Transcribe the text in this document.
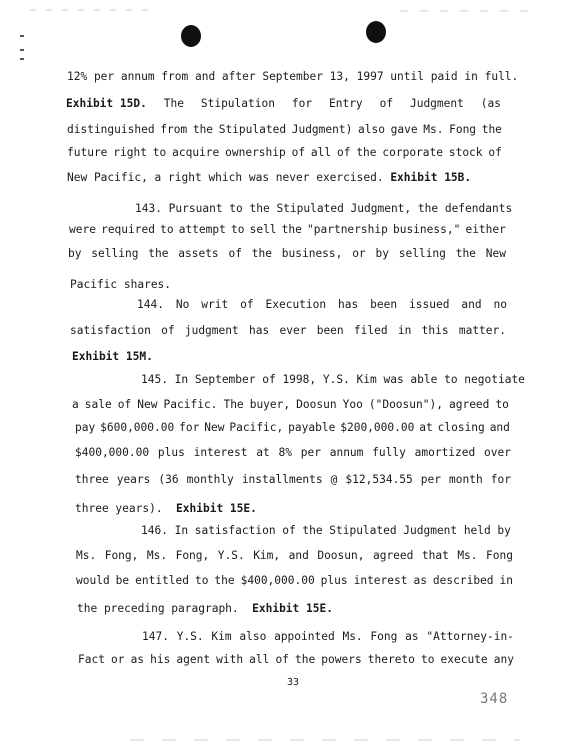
12% per annum from and after September 13, 1997 until paid in full.
Exhibit 15D. The Stipulation for Entry of Judgment (as
distinguished from the Stipulated Judgment) also gave Ms. Fong the
future right to acquire ownership of all of the corporate stock of
New Pacific, a right which was never exercised. Exhibit 15B.
143. Pursuant to the Stipulated Judgment, the defendants
were required to attempt to sell the "partnership business," either
by selling the assets of the business, or by selling the New
Pacific shares.
144. No writ of Execution has been issued and no
satisfaction of judgment has ever been filed in this matter.
Exhibit 15M.
145. In September of 1998, Y.S. Kim was able to negotiate
a sale of New Pacific. The buyer, Doosun Yoo ("Doosun"), agreed to
pay $600,000.00 for New Pacific, payable $200,000.00 at closing and
$400,000.00 plus interest at 8% per annum fully amortized over
three years (36 monthly installments @ $12,534.55 per month for
three years).  Exhibit 15E.
146. In satisfaction of the Stipulated Judgment held by
Ms. Fong, Ms. Fong, Y.S. Kim, and Doosun, agreed that Ms. Fong
would be entitled to the $400,000.00 plus interest as described in
the preceding paragraph.  Exhibit 15E.
147. Y.S. Kim also appointed Ms. Fong as "Attorney-in-
Fact or as his agent with all of the powers thereto to execute any
33
348
